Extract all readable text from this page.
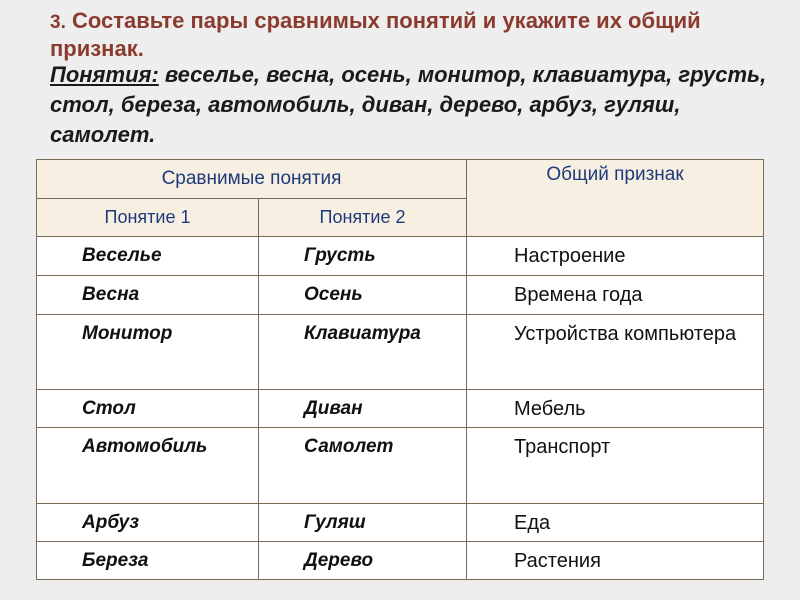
3. Составьте пары сравнимых понятий и укажите их общий признак.
Понятия: веселье, весна, осень, монитор, клавиатура, грусть, стол, береза, автомобиль, диван, дерево, арбуз, гуляш, самолет.
Сравнимые понятия		Общий признак
Понятие 1	Понятие 2	

Веселье	Грусть	Настроение

Весна	Осень	Времена года

Монитор	Клавиатура	Устройства компьютера

Стол	Диван	Мебель

Автомобиль	Самолет	Транспорт

Арбуз	Гуляш	Еда

Береза	Дерево	Растения
